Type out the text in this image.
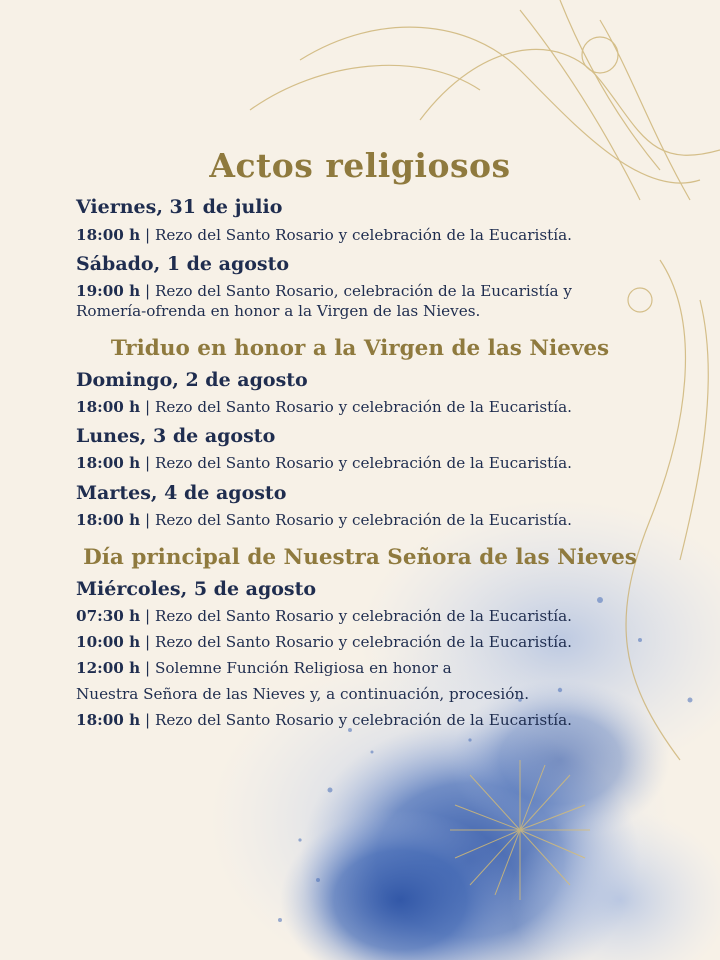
Actos religiosos
Viernes, 31 de julio
18:00 h | Rezo del Santo Rosario y celebración de la Eucaristía.
Sábado, 1 de agosto
19:00 h | Rezo del Santo Rosario, celebración de la Eucaristía y
Romería-ofrenda en honor a la Virgen de las Nieves.
Triduo en honor a la Virgen de las Nieves
Domingo, 2 de agosto
18:00 h | Rezo del Santo Rosario y celebración de la Eucaristía.
Lunes, 3 de agosto
18:00 h | Rezo del Santo Rosario y celebración de la Eucaristía.
Martes, 4 de agosto
18:00 h | Rezo del Santo Rosario y celebración de la Eucaristía.
Día principal de Nuestra Señora de las Nieves
Miércoles, 5 de agosto
07:30 h | Rezo del Santo Rosario y celebración de la Eucaristía.
10:00 h | Rezo del Santo Rosario y celebración de la Eucaristía.
12:00 h | Solemne Función Religiosa en honor a
Nuestra Señora de las Nieves y, a continuación, procesión.
18:00 h | Rezo del Santo Rosario y celebración de la Eucaristía.
